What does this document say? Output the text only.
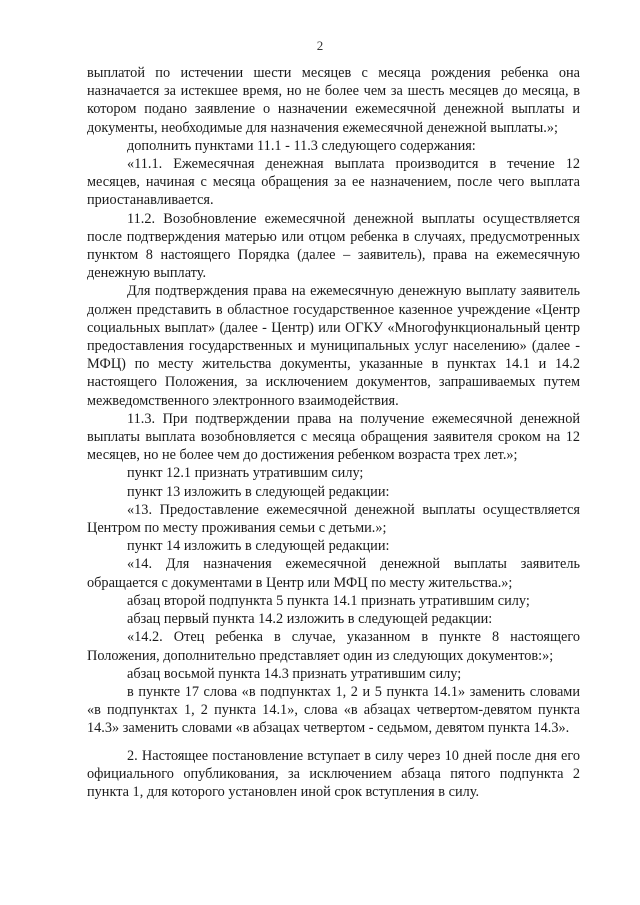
2

выплатой по истечении шести месяцев с месяца рождения ребенка она назначается за истекшее время, но не более чем за шесть месяцев до месяца, в котором подано заявление о назначении ежемесячной денежной выплаты и документы, необходимые для назначения ежемесячной денежной выплаты.»;

дополнить пунктами 11.1 - 11.3 следующего содержания:

«11.1. Ежемесячная денежная выплата производится в течение 12 месяцев, начиная с месяца обращения за ее назначением, после чего выплата приостанавливается.

11.2. Возобновление ежемесячной денежной выплаты осуществляется после подтверждения матерью или отцом ребенка в случаях, предусмотренных пунктом 8 настоящего Порядка (далее – заявитель), права на ежемесячную денежную выплату.

Для подтверждения права на ежемесячную денежную выплату заявитель должен представить в областное государственное казенное учреждение «Центр социальных выплат» (далее - Центр) или ОГКУ «Многофункциональный центр предоставления государственных и муниципальных услуг населению» (далее - МФЦ) по месту жительства документы, указанные в пунктах 14.1 и 14.2 настоящего Положения, за исключением документов, запрашиваемых путем межведомственного электронного взаимодействия.

11.3. При подтверждении права на получение ежемесячной денежной выплаты выплата возобновляется с месяца обращения заявителя сроком на 12 месяцев, но не более чем до достижения ребенком возраста трех лет.»;

пункт 12.1 признать утратившим силу;

пункт 13 изложить в следующей редакции:

«13. Предоставление ежемесячной денежной выплаты осуществляется Центром по месту проживания семьи с детьми.»;

пункт 14 изложить в следующей редакции:

«14. Для назначения ежемесячной денежной выплаты заявитель обращается с документами в Центр или МФЦ по месту жительства.»;

абзац второй подпункта 5 пункта 14.1 признать утратившим силу;

абзац первый пункта 14.2 изложить в следующей редакции:

«14.2. Отец ребенка в случае, указанном в пункте 8 настоящего Положения, дополнительно представляет один из следующих документов:»;

абзац восьмой пункта 14.3 признать утратившим силу;

в пункте 17 слова «в подпунктах 1, 2 и 5 пункта 14.1» заменить словами «в подпунктах 1, 2 пункта 14.1», слова «в абзацах четвертом-девятом пункта 14.3» заменить словами «в абзацах четвертом - седьмом, девятом пункта 14.3».

2. Настоящее постановление вступает в силу через 10 дней после дня его официального опубликования, за исключением абзаца пятого подпункта 2 пункта 1, для которого установлен иной срок вступления в силу.
